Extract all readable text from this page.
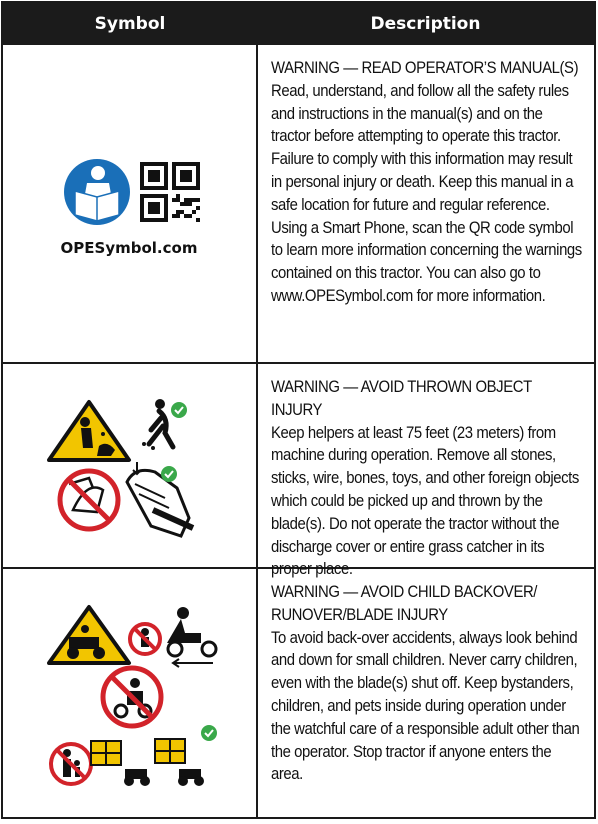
Symbol	Description
OPESymbol.com
WARNING — READ OPERATOR’S MANUAL(S)
Read, understand, and follow all the safety rules and instructions in the manual(s) and on the tractor before attempting to operate this tractor. Failure to comply with this information may result in personal injury or death. Keep this manual in a safe location for future and regular reference. Using a Smart Phone, scan the QR code symbol to learn more information concerning the warnings contained on this tractor. You can also go to www.OPESymbol.com for more information.
WARNING — AVOID THROWN OBJECT INJURY
Keep helpers at least 75 feet (23 meters) from machine during operation. Remove all stones, sticks, wire, bones, toys, and other foreign objects which could be picked up and thrown by the blade(s). Do not operate the tractor without the discharge cover or entire grass catcher in its proper place.
WARNING — AVOID CHILD BACKOVER/ RUNOVER/BLADE INJURY
To avoid back-over accidents, always look behind and down for small children. Never carry children, even with the blade(s) shut off. Keep bystanders, children, and pets inside during operation under the watchful care of a responsible adult other than the operator. Stop tractor if anyone enters the area.
